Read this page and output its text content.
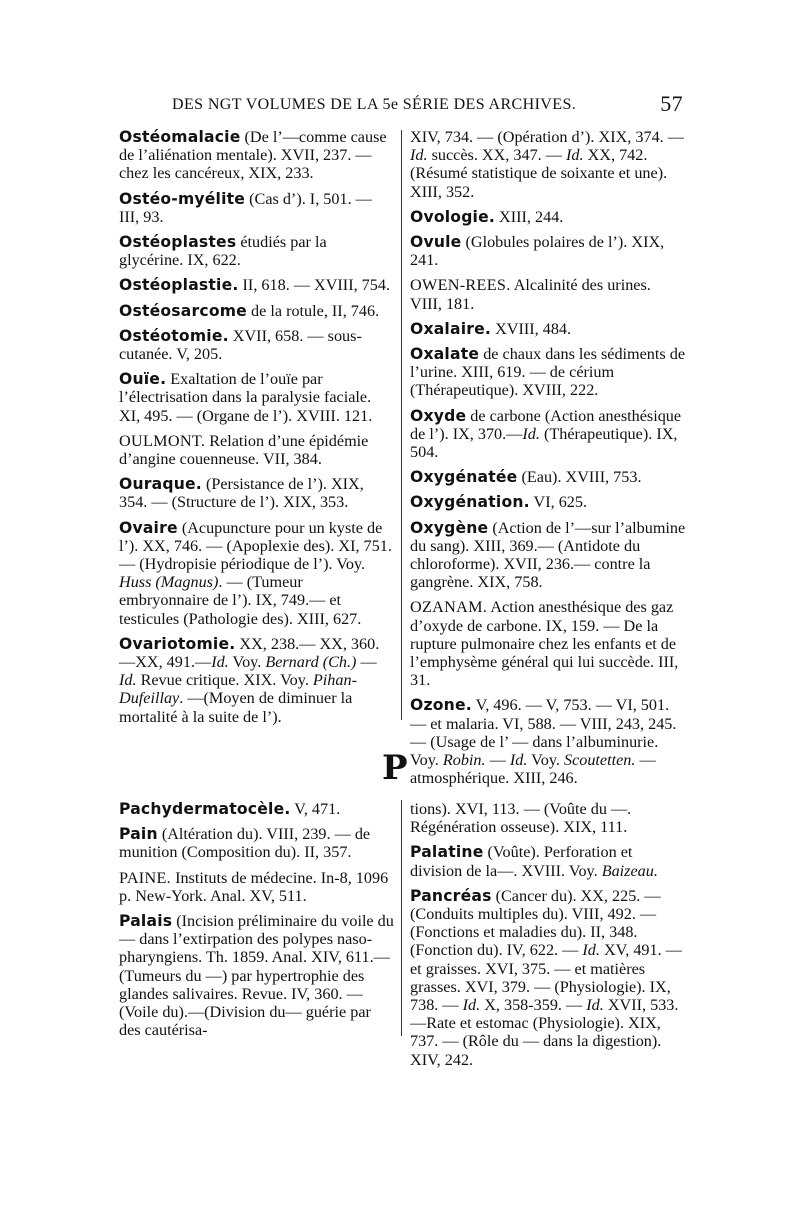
DES NGT VOLUMES DE LA 5e SÉRIE DES ARCHIVES.	57
Ostéomalacie (De l’—comme cause de l’aliénation mentale). XVII, 237. — chez les cancéreux, XIX, 233.
Ostéo-myélite (Cas d’). I, 501. — III, 93.
Ostéoplastes étudiés par la glycérine. IX, 622.
Ostéoplastie. II, 618. — XVIII, 754.
Ostéosarcome de la rotule, II, 746.
Ostéotomie. XVII, 658. — sous-cutanée. V, 205.
Ouïe. Exaltation de l’ouïe par l’électrisation dans la paralysie faciale. XI, 495. — (Organe de l’). XVIII. 121.
OULMONT. Relation d’une épidémie d’angine couenneuse. VII, 384.
Ouraque. (Persistance de l’). XIX, 354. — (Structure de l’). XIX, 353.
Ovaire (Acupuncture pour un kyste de l’). XX, 746. — (Apoplexie des). XI, 751. — (Hydropisie périodique de l’). Voy. Huss (Magnus). — (Tumeur embryonnaire de l’). IX, 749.— et testicules (Pathologie des). XIII, 627.
Ovariotomie. XX, 238.— XX, 360. —XX, 491.—Id. Voy. Bernard (Ch.) — Id. Revue critique. XIX. Voy. Pihan-Dufeillay. —(Moyen de diminuer la mortalité à la suite de l’).
XIV, 734. — (Opération d’). XIX, 374. — Id. succès. XX, 347. — Id. XX, 742. (Résumé statistique de soixante et une). XIII, 352.
Ovologie. XIII, 244.
Ovule (Globules polaires de l’). XIX, 241.
OWEN-REES. Alcalinité des urines. VIII, 181.
Oxalaire. XVIII, 484.
Oxalate de chaux dans les sédiments de l’urine. XIII, 619. — de cérium (Thérapeutique). XVIII, 222.
Oxyde de carbone (Action anesthésique de l’). IX, 370.—Id. (Thérapeutique). IX, 504.
Oxygénatée (Eau). XVIII, 753.
Oxygénation. VI, 625.
Oxygène (Action de l’—sur l’albumine du sang). XIII, 369.— (Antidote du chloroforme). XVII, 236.— contre la gangrène. XIX, 758.
OZANAM. Action anesthésique des gaz d’oxyde de carbone. IX, 159. — De la rupture pulmonaire chez les enfants et de l’emphysème général qui lui succède. III, 31.
Ozone. V, 496. — V, 753. — VI, 501. — et malaria. VI, 588. — VIII, 243, 245. — (Usage de l’ — dans l’albuminurie. Voy. Robin. — Id. Voy. Scoutetten. — atmosphérique. XIII, 246.
P
Pachydermatocèle. V, 471.
Pain (Altération du). VIII, 239. — de munition (Composition du). II, 357.
PAINE. Instituts de médecine. In-8, 1096 p. New-York. Anal. XV, 511.
Palais (Incision préliminaire du voile du — dans l’extirpation des polypes naso-pharyngiens. Th. 1859. Anal. XIV, 611.— (Tumeurs du —) par hypertrophie des glandes salivaires. Revue. IV, 360. — (Voile du).—(Division du— guérie par des cautérisa-
tions). XVI, 113. — (Voûte du —. Régénération osseuse). XIX, 111.
Palatine (Voûte). Perforation et division de la—. XVIII. Voy. Baizeau.
Pancréas (Cancer du). XX, 225. — (Conduits multiples du). VIII, 492. — (Fonctions et maladies du). II, 348. (Fonction du). IV, 622. — Id. XV, 491. — et graisses. XVI, 375. — et matières grasses. XVI, 379. — (Physiologie). IX, 738. — Id. X, 358-359. — Id. XVII, 533.—Rate et estomac (Physiologie). XIX, 737. — (Rôle du — dans la digestion). XIV, 242.
